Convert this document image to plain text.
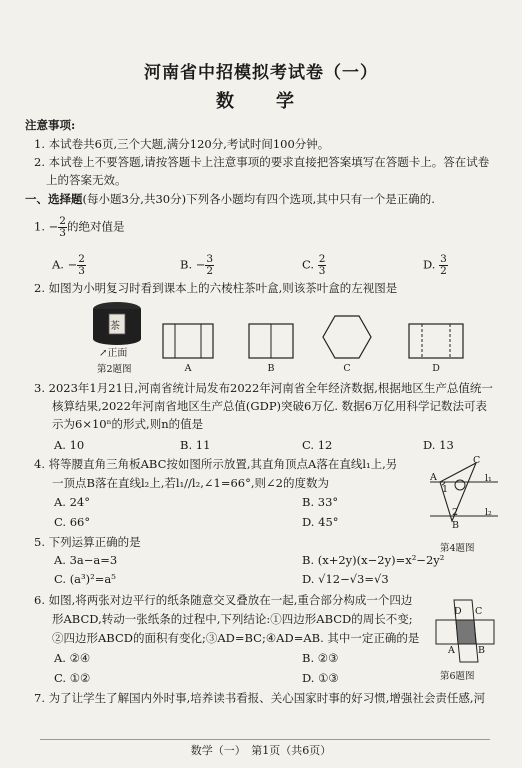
河南省中招模拟考试卷（一）
数　学
注意事项:
1. 本试卷共6页,三个大题,满分120分,考试时间100分钟。
2. 本试卷上不要答题,请按答题卡上注意事项的要求直接把答案填写在答题卡上。答在试卷
上的答案无效。
一、选择题(每小题3分,共30分)下列各小题均有四个选项,其中只有一个是正确的.
1. − $\frac{2}{3}$ 的绝对值是
A. − $\frac{2}{3}$	B. − $\frac{3}{2}$	C. $\frac{2}{3}$	D. $\frac{3}{2}$
2. 如图为小明复习时看到课本上的六棱柱茶叶盒,则该茶叶盒的左视图是
茶
↗正面
第2题图	A	B	C	D
3. 2023年1月21日,河南省统计局发布2022年河南省全年经济数据,根据地区生产总值统一
核算结果,2022年河南省地区生产总值(GDP)突破6万亿. 数据6万亿用科学记数法可表
示为6×10ⁿ的形式,则n的值是
A. 10	B. 11	C. 12	D. 13
4. 将等腰直角三角板ABC按如图所示放置,其直角顶点A落在直线l₁上,另
一顶点B落在直线l₂上,若l₁//l₂,∠1=66°,则∠2的度数为
A. 24°	B. 33°
C. 66°	D. 45°
C
A
B
l₁
l₂
1
2
第4题图
5. 下列运算正确的是
A. 3a−a=3	B. (x+2y)(x−2y)=x²−2y²
C. (a³)²=a⁵	D. √12−√3=√3
6. 如图,将两张对边平行的纸条随意交叉叠放在一起,重合部分构成一个四边
形ABCD,转动一张纸条的过程中,下列结论:①四边形ABCD的周长不变;
②四边形ABCD的面积有变化;③AD=BC;④AD=AB. 其中一定正确的是
A. ②④	B. ②③
C. ①②	D. ①③
D C
A B
第6题图
7. 为了让学生了解国内外时事,培养读书看报、关心国家时事的好习惯,增强社会责任感,河
数学（一）　第1页（共6页）
